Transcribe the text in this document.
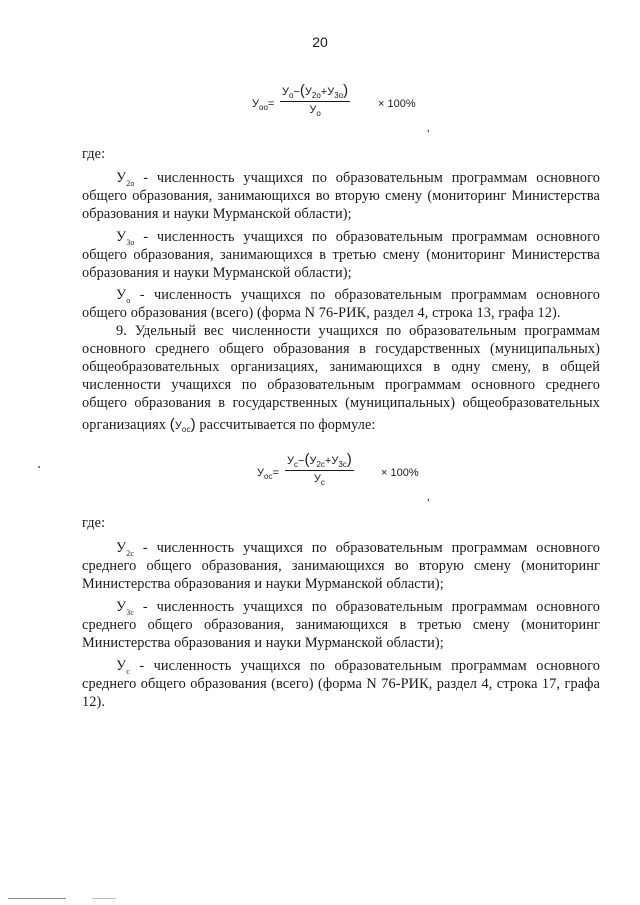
20
$У_{оо}=$
$У_о-(У_{2о}+У_{3о})$
$У_о$
× 100%
,
где:
$У_{2о}$ - численность учащихся по образовательным программам основного
общего образования, занимающихся во вторую смену (мониторинг Министерства
образования и науки Мурманской области);
$У_{3о}$ - численность учащихся по образовательным программам основного
общего образования, занимающихся в третью смену (мониторинг Министерства
образования и науки Мурманской области);
$У_о$ - численность учащихся по образовательным программам основного
общего образования (всего) (форма N 76-РИК, раздел 4, строка 13, графа 12).
9. Удельный вес численности учащихся по образовательным программам
основного среднего общего образования в государственных (муниципальных)
общеобразовательных организациях, занимающихся в одну смену, в общей
численности учащихся по образовательным программам основного среднего
общего образования в государственных (муниципальных) общеобразовательных
организациях $(У_{ос})$ рассчитывается по формуле:
$У_{ос}=$
$У_с-(У_{2с}+У_{3с})$
$У_с$
× 100%
,
где:
$У_{2с}$ - численность учащихся по образовательным программам основного
среднего общего образования, занимающихся во вторую смену (мониторинг
Министерства образования и науки Мурманской области);
$У_{3с}$ - численность учащихся по образовательным программам основного
среднего общего образования, занимающихся в третью смену (мониторинг
Министерства образования и науки Мурманской области);
$У_с$ - численность учащихся по образовательным программам основного
среднего общего образования (всего) (форма N 76-РИК, раздел 4, строка 17, графа
12).
